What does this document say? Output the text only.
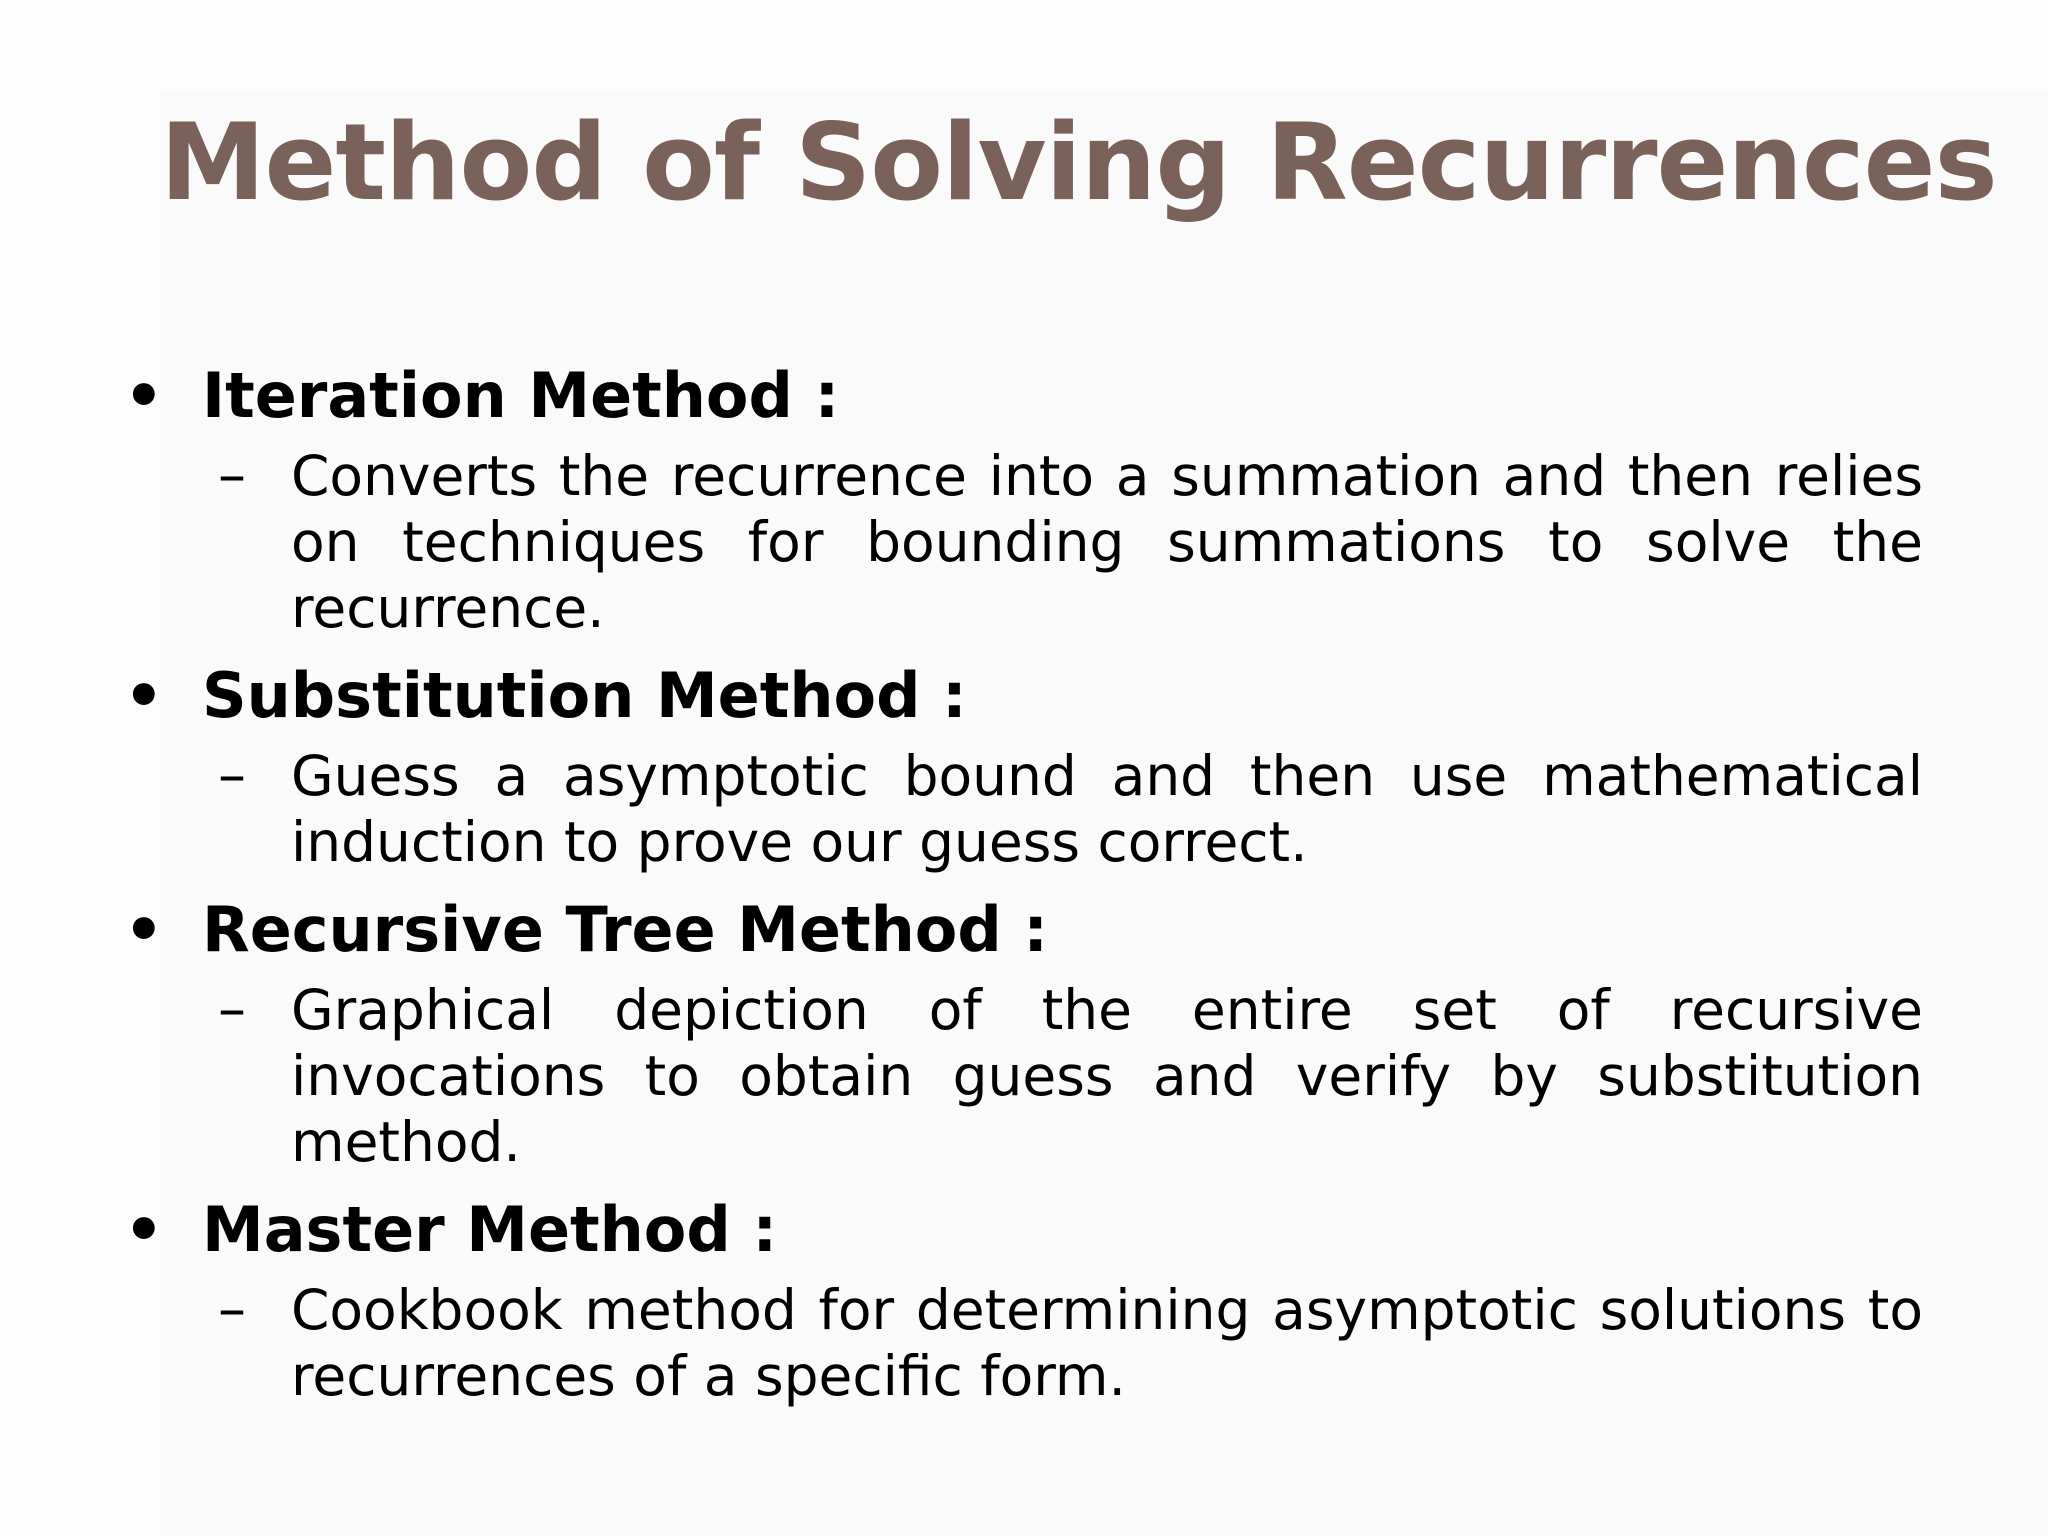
Method of Solving Recurrences
• Iteration Method :
– Converts the recurrence into a summation and then relies on techniques for bounding summations to solve the recurrence.

• Substitution Method :
– Guess a asymptotic bound and then use mathematical induction to prove our guess correct.

• Recursive Tree Method :
– Graphical depiction of the entire set of recursive invocations to obtain guess and verify by substitution method.

• Master Method :
– Cookbook method for determining asymptotic solutions to recurrences of a specific form.
